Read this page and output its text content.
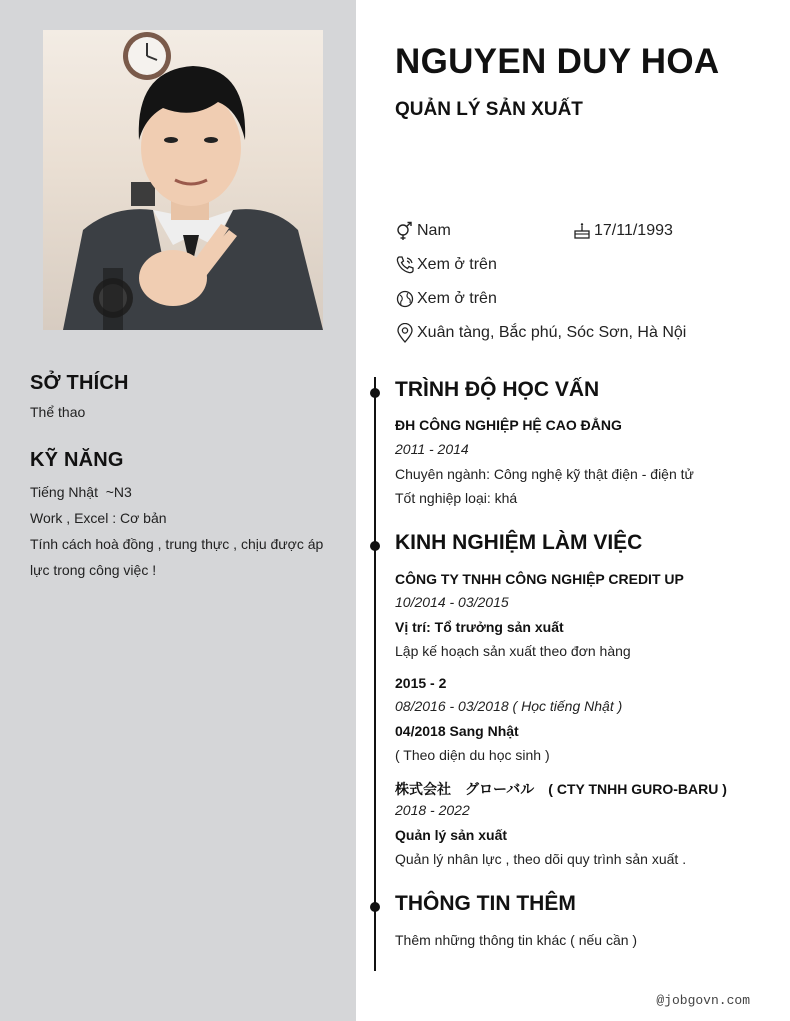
SỞ THÍCH
Thể thao
KỸ NĂNG
Tiếng Nhật  ~N3
Work , Excel : Cơ bản
Tính cách hoà đồng , trung thực , chịu được áp
lực trong công việc !
NGUYEN DUY HOA
QUẢN LÝ SẢN XUẤT
Nam	17/11/1993
Xem ở trên
Xem ở trên
Xuân tàng, Bắc phú, Sóc Sơn, Hà Nội
TRÌNH ĐỘ HỌC VẤN
ĐH CÔNG NGHIỆP HỆ CAO ĐẲNG
2011 - 2014
Chuyên ngành: Công nghệ kỹ thật điện - điện tử
Tốt nghiệp loại: khá
KINH NGHIỆM LÀM VIỆC
CÔNG TY TNHH CÔNG NGHIỆP CREDIT UP
10/2014 - 03/2015
Vị trí: Tổ trưởng sản xuất
Lập kế hoạch sản xuất theo đơn hàng
2015 - 2
08/2016 - 03/2018 ( Học tiếng Nhật )
04/2018 Sang Nhật
( Theo diện du học sinh )
株式会社　グローバル　( CTY TNHH GURO-BARU )
2018 - 2022
Quản lý sản xuất
Quản lý nhân lực , theo dõi quy trình sản xuất .
THÔNG TIN THÊM
Thêm những thông tin khác ( nếu cần )
@jobgovn.com
